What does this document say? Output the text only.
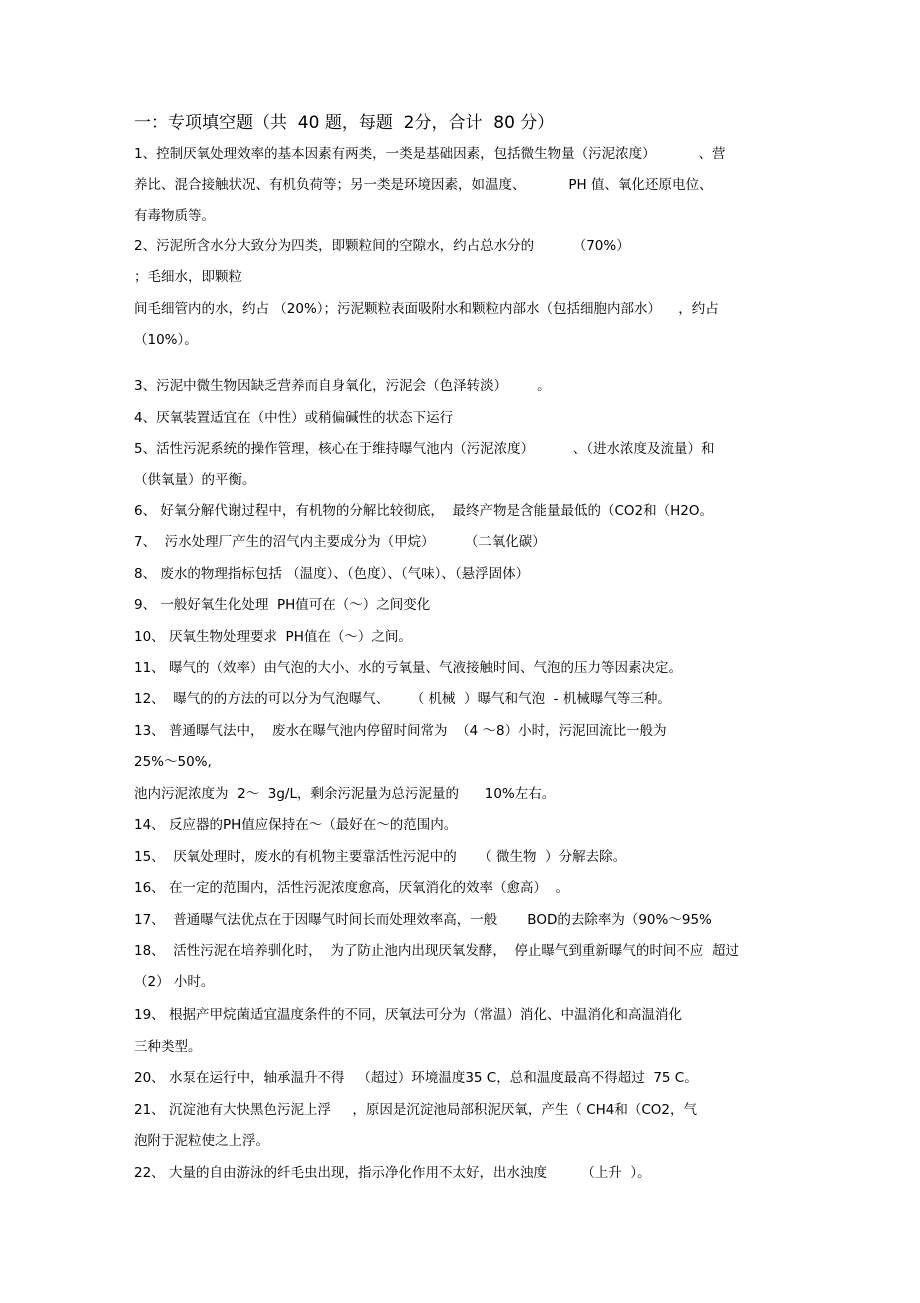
一：专项填空题（共  40 题，每题  2分，合计  80 分）
1、控制厌氧处理效率的基本因素有两类，一类是基础因素，包括微生物量（污泥浓度）          、营
养比、混合接触状况、有机负荷等；另一类是环境因素，如温度、          PH 值、氧化还原电位、
有毒物质等。
2、污泥所含水分大致分为四类，即颗粒间的空隙水，约占总水分的         （70%）
；毛细水，即颗粒
间毛细管内的水，约占 （20%）；污泥颗粒表面吸附水和颗粒内部水（包括细胞内部水）    ，约占
（10%）。
3、污泥中微生物因缺乏营养而自身氧化，污泥会（色泽转淡）       。
4、厌氧装置适宜在（中性）或稍偏碱性的状态下运行
5、活性污泥系统的操作管理，核心在于维持曝气池内（污泥浓度）         、（进水浓度及流量）和
（供氧量）的平衡。
6、 好氧分解代谢过程中，有机物的分解比较彻底，  最终产物是含能量最低的（CO2和（H2O。
7、  污水处理厂产生的沼气内主要成分为（甲烷）       （二氧化碳）
8、 废水的物理指标包括 （温度）、（色度）、（气味）、（悬浮固体）
9、 一般好氧生化处理  PH值可在（～）之间变化
10、 厌氧生物处理要求  PH值在（～）之间。
11、 曝气的（效率）由气泡的大小、水的亏氧量、气液接触时间、气泡的压力等因素决定。
12、  曝气的的方法的可以分为气泡曝气、     （ 机械  ）曝气和气泡  - 机械曝气等三种。
13、 普通曝气法中，  废水在曝气池内停留时间常为  （4 ～8）小时，污泥回流比一般为
25%～50%,
池内污泥浓度为  2～  3g/L，剩余污泥量为总污泥量的      10%左右。
14、 反应器的PH值应保持在～（最好在～的范围内。
15、  厌氧处理时，废水的有机物主要靠活性污泥中的     （ 微生物  ）分解去除。
16、 在一定的范围内，活性污泥浓度愈高，厌氧消化的效率（愈高）  。
17、  普通曝气法优点在于因曝气时间长而处理效率高，一般       BOD的去除率为（90%～95%
18、  活性污泥在培养驯化时，  为了防止池内出现厌氧发酵，  停止曝气到重新曝气的时间不应  超过
（2） 小时。
19、 根据产甲烷菌适宜温度条件的不同，厌氧法可分为（常温）消化、中温消化和高温消化
三种类型。
20、 水泵在运行中，轴承温升不得   （超过）环境温度35 C，总和温度最高不得超过  75 C。
21、 沉淀池有大快黑色污泥上浮     ，原因是沉淀池局部积泥厌氧，产生（ CH4和（CO2，气
泡附于泥粒使之上浮。
22、 大量的自由游泳的纤毛虫出现，指示净化作用不太好，出水浊度        （上升  ）。
